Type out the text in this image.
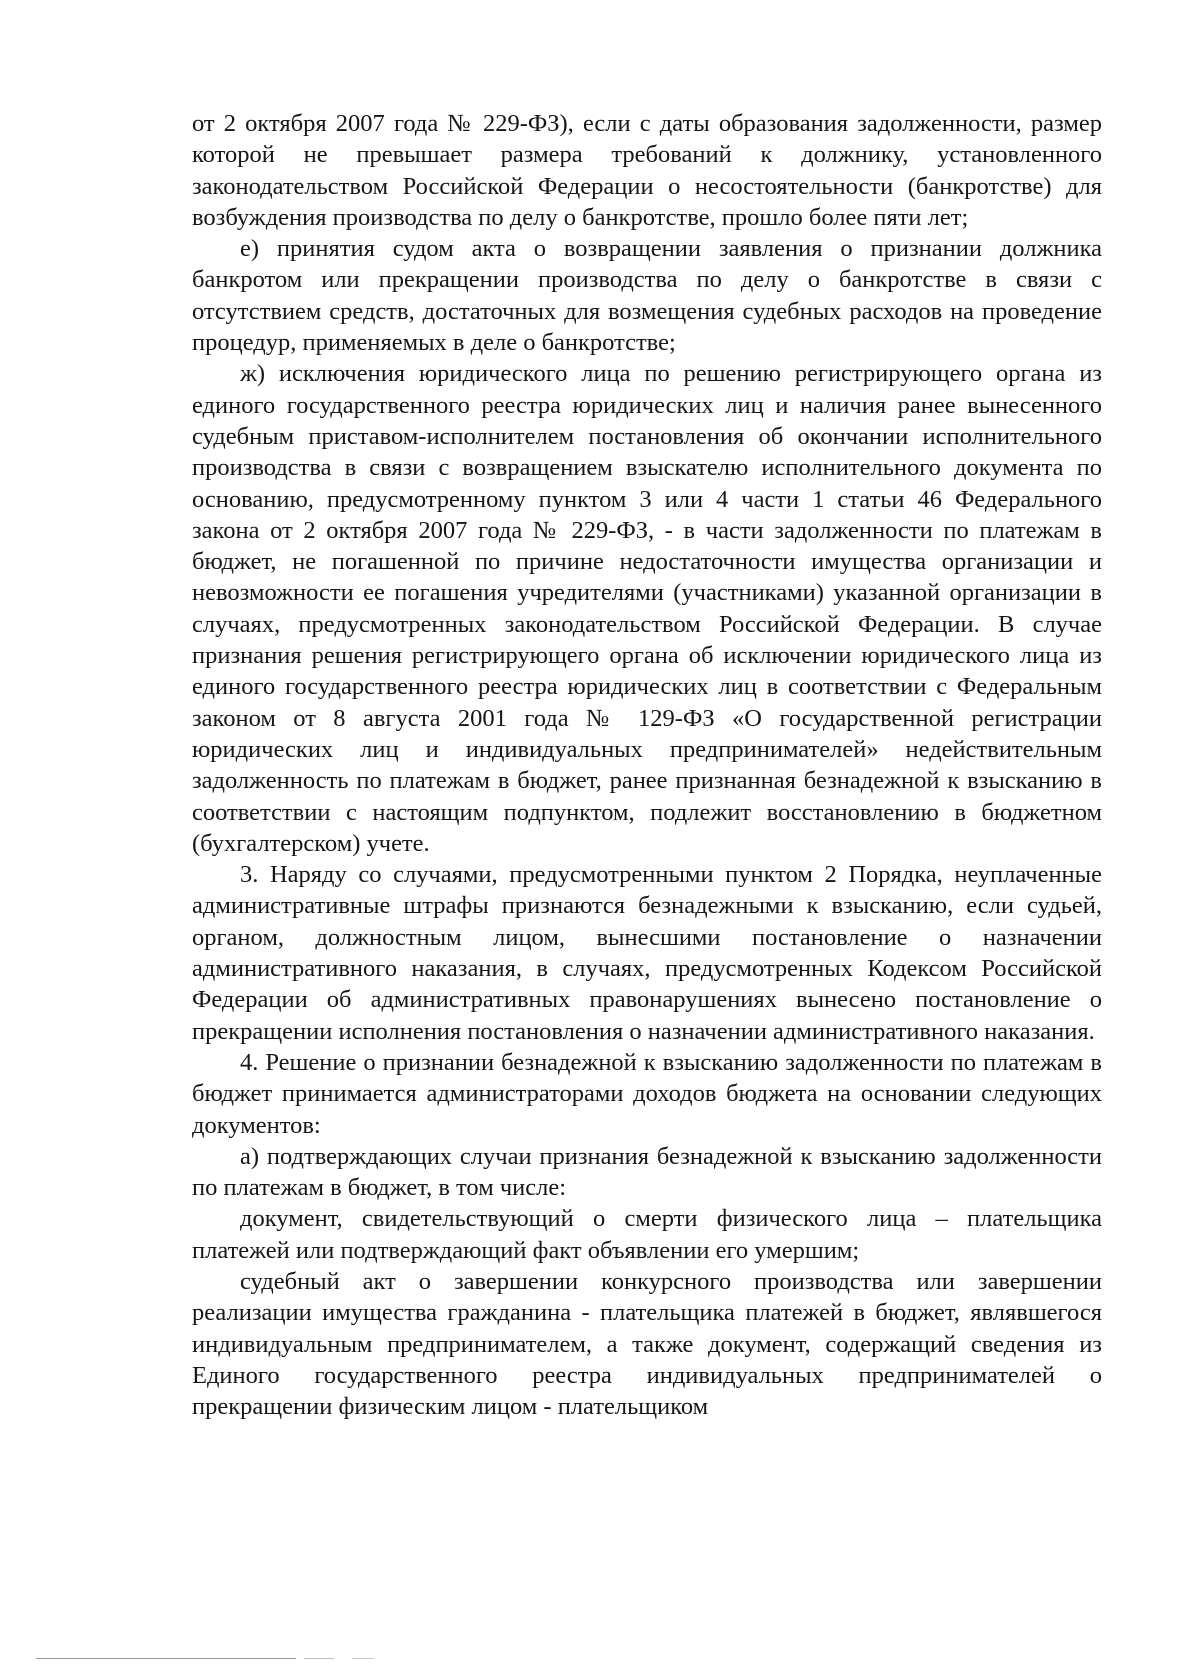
от 2 октября 2007 года № 229-ФЗ), если с даты образования задолженности, размер которой не превышает размера требований к должнику, установленного законодательством Российской Федерации о несостоятельности (банкротстве) для возбуждения производства по делу о банкротстве, прошло более пяти лет;

е) принятия судом акта о возвращении заявления о признании должника банкротом или прекращении производства по делу о банкротстве в связи с отсутствием средств, достаточных для возмещения судебных расходов на проведение процедур, применяемых в деле о банкротстве;

ж) исключения юридического лица по решению регистрирующего органа из единого государственного реестра юридических лиц и наличия ранее вынесенного судебным приставом-исполнителем постановления об окончании исполнительного производства в связи с возвращением взыскателю исполнительного документа по основанию, предусмотренному пунктом 3 или 4 части 1 статьи 46 Федерального закона от 2 октября 2007 года № 229-ФЗ, - в части задолженности по платежам в бюджет, не погашенной по причине недостаточности имущества организации и невозможности ее погашения учредителями (участниками) указанной организации в случаях, предусмотренных законодательством Российской Федерации. В случае признания решения регистрирующего органа об исключении юридического лица из единого государственного реестра юридических лиц в соответствии с Федеральным законом от 8 августа 2001 года № 129-ФЗ «О государственной регистрации юридических лиц и индивидуальных предпринимателей» недействительным задолженность по платежам в бюджет, ранее признанная безнадежной к взысканию в соответствии с настоящим подпунктом, подлежит восстановлению в бюджетном (бухгалтерском) учете.

3. Наряду со случаями, предусмотренными пунктом 2 Порядка, неуплаченные административные штрафы признаются безнадежными к взысканию, если судьей, органом, должностным лицом, вынесшими постановление о назначении административного наказания, в случаях, предусмотренных Кодексом Российской Федерации об административных правонарушениях вынесено постановление о прекращении исполнения постановления о назначении административного наказания.

4. Решение о признании безнадежной к взысканию задолженности по платежам в бюджет принимается администраторами доходов бюджета на основании следующих документов:

а) подтверждающих случаи признания безнадежной к взысканию задолженности по платежам в бюджет, в том числе:

документ, свидетельствующий о смерти физического лица – плательщика платежей или подтверждающий факт объявлении его умершим;

судебный акт о завершении конкурсного производства или завершении реализации имущества гражданина - плательщика платежей в бюджет, являвшегося индивидуальным предпринимателем, а также документ, содержащий сведения из Единого государственного реестра индивидуальных предпринимателей о прекращении физическим лицом - плательщиком
